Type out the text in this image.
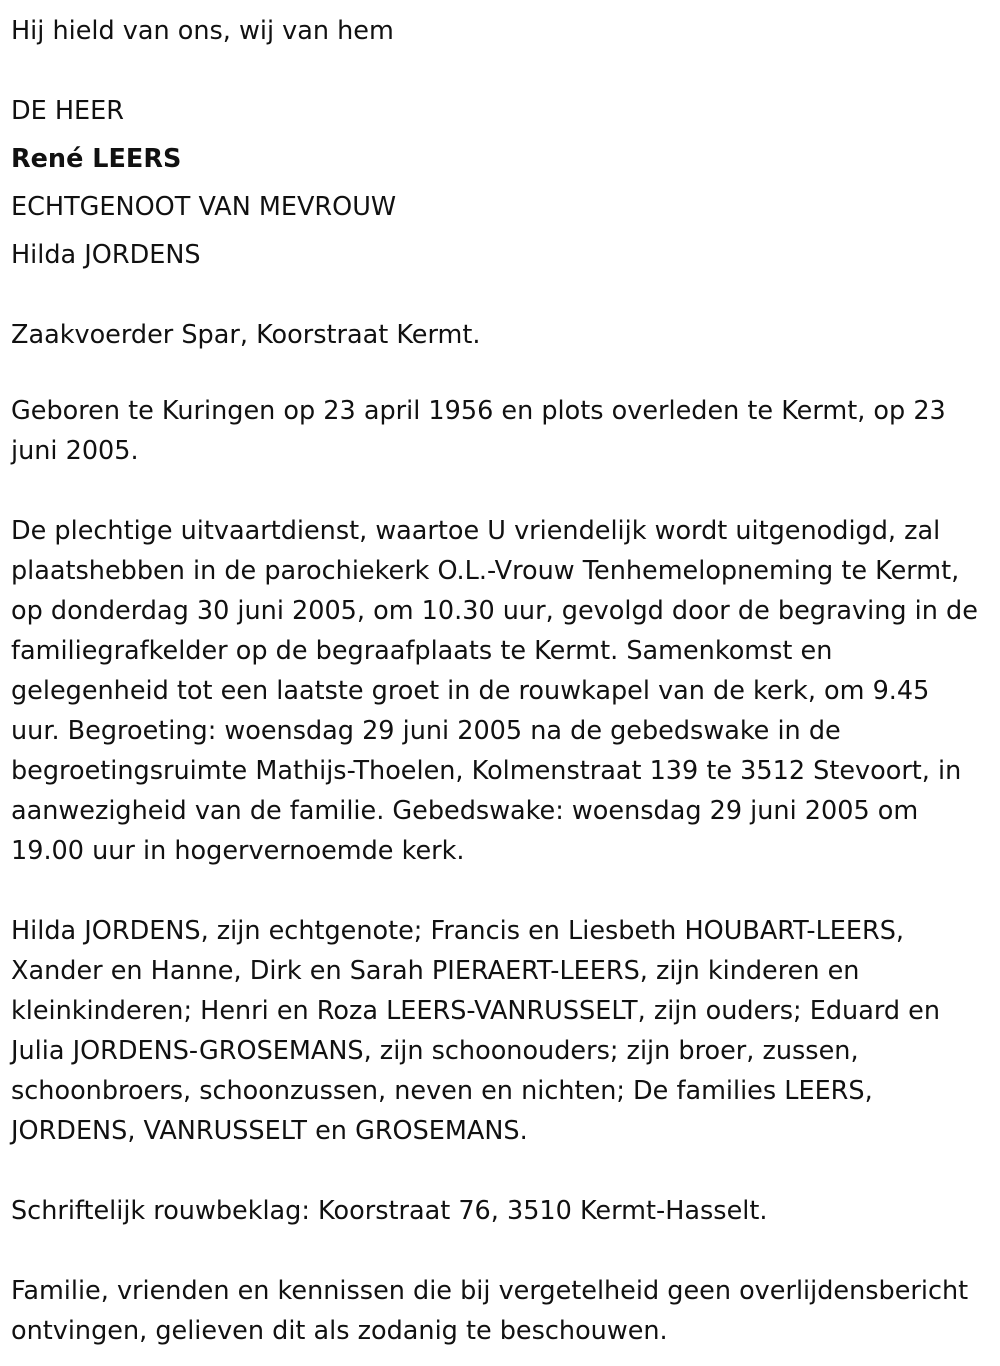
Hij hield van ons, wij van hem

DE HEER

René LEERS

ECHTGENOOT VAN MEVROUW

Hilda JORDENS

Zaakvoerder Spar, Koorstraat Kermt.

Geboren te Kuringen op 23 april 1956 en plots overleden te Kermt, op 23 juni 2005.

De plechtige uitvaartdienst, waartoe U vriendelijk wordt uitgenodigd, zal plaatshebben in de parochiekerk O.L.-Vrouw Tenhemelopneming te Kermt, op donderdag 30 juni 2005, om 10.30 uur, gevolgd door de begraving in de familiegrafkelder op de begraafplaats te Kermt. Samenkomst en gelegenheid tot een laatste groet in de rouwkapel van de kerk, om 9.45 uur. Begroeting: woensdag 29 juni 2005 na de gebedswake in de begroetingsruimte Mathijs-Thoelen, Kolmenstraat 139 te 3512 Stevoort, in aanwezigheid van de familie. Gebedswake: woensdag 29 juni 2005 om 19.00 uur in hogervernoemde kerk.

Hilda JORDENS, zijn echtgenote; Francis en Liesbeth HOUBART-LEERS, Xander en Hanne, Dirk en Sarah PIERAERT-LEERS, zijn kinderen en kleinkinderen; Henri en Roza LEERS-VANRUSSELT, zijn ouders; Eduard en Julia JORDENS-GROSEMANS, zijn schoonouders; zijn broer, zussen, schoonbroers, schoonzussen, neven en nichten; De families LEERS, JORDENS, VANRUSSELT en GROSEMANS.

Schriftelijk rouwbeklag: Koorstraat 76, 3510 Kermt-Hasselt.

Familie, vrienden en kennissen die bij vergetelheid geen overlijdensbericht ontvingen, gelieven dit als zodanig te beschouwen.
